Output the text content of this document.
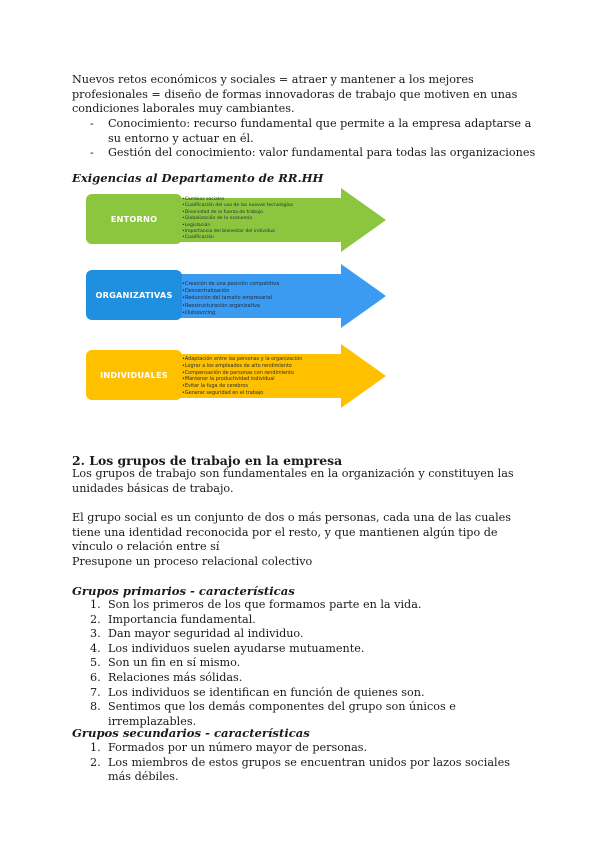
Nuevos retos económicos y sociales = atraer y mantener a los mejores profesionales = diseño de formas innovadoras de trabajo que motiven en unas condiciones laborales muy cambiantes.
- Conocimiento: recurso fundamental que permite a la empresa adaptarse a su entorno y actuar en él.
- Gestión del conocimiento: valor fundamental para todas las organizaciones
Exigencias al Departamento de RR.HH
ENTORNO
• Cambios sociales
• Cualificación del uso de las nuevas tecnologías
• Diversidad de la fuerza de trabajo
• Globalización de la economía
• Legislación
• Importancia del bienestar del individuo
• Cualificación
ORGANIZATIVAS
• Creación de una posición competitiva
• Descentralización
• Reducción del tamaño empresarial
• Reestructuración organizativa
• Outsourcing
INDIVIDUALES
• Adaptación entre las personas y la organización
• Lograr a los empleados de alto rendimiento
• Compensación de personas con rendimiento
• Mantener la productividad individual
• Evitar la fuga de cerebros
• Generar seguridad en el trabajo
2. Los grupos de trabajo en la empresa
Los grupos de trabajo son fundamentales en la organización y constituyen las unidades básicas de trabajo.
El grupo social es un conjunto de dos o más personas, cada una de las cuales tiene una identidad reconocida por el resto, y que mantienen algún tipo de vínculo o relación entre sí
Presupone un proceso relacional colectivo
Grupos primarios - características
1. Son los primeros de los que formamos parte en la vida.
2. Importancia fundamental.
3. Dan mayor seguridad al individuo.
4. Los individuos suelen ayudarse mutuamente.
5. Son un fin en sí mismo.
6. Relaciones más sólidas.
7. Los individuos se identifican en función de quienes son.
8. Sentimos que los demás componentes del grupo son únicos e irremplazables.
Grupos secundarios - características
1. Formados por un número mayor de personas.
2. Los miembros de estos grupos se encuentran unidos por lazos sociales más débiles.
